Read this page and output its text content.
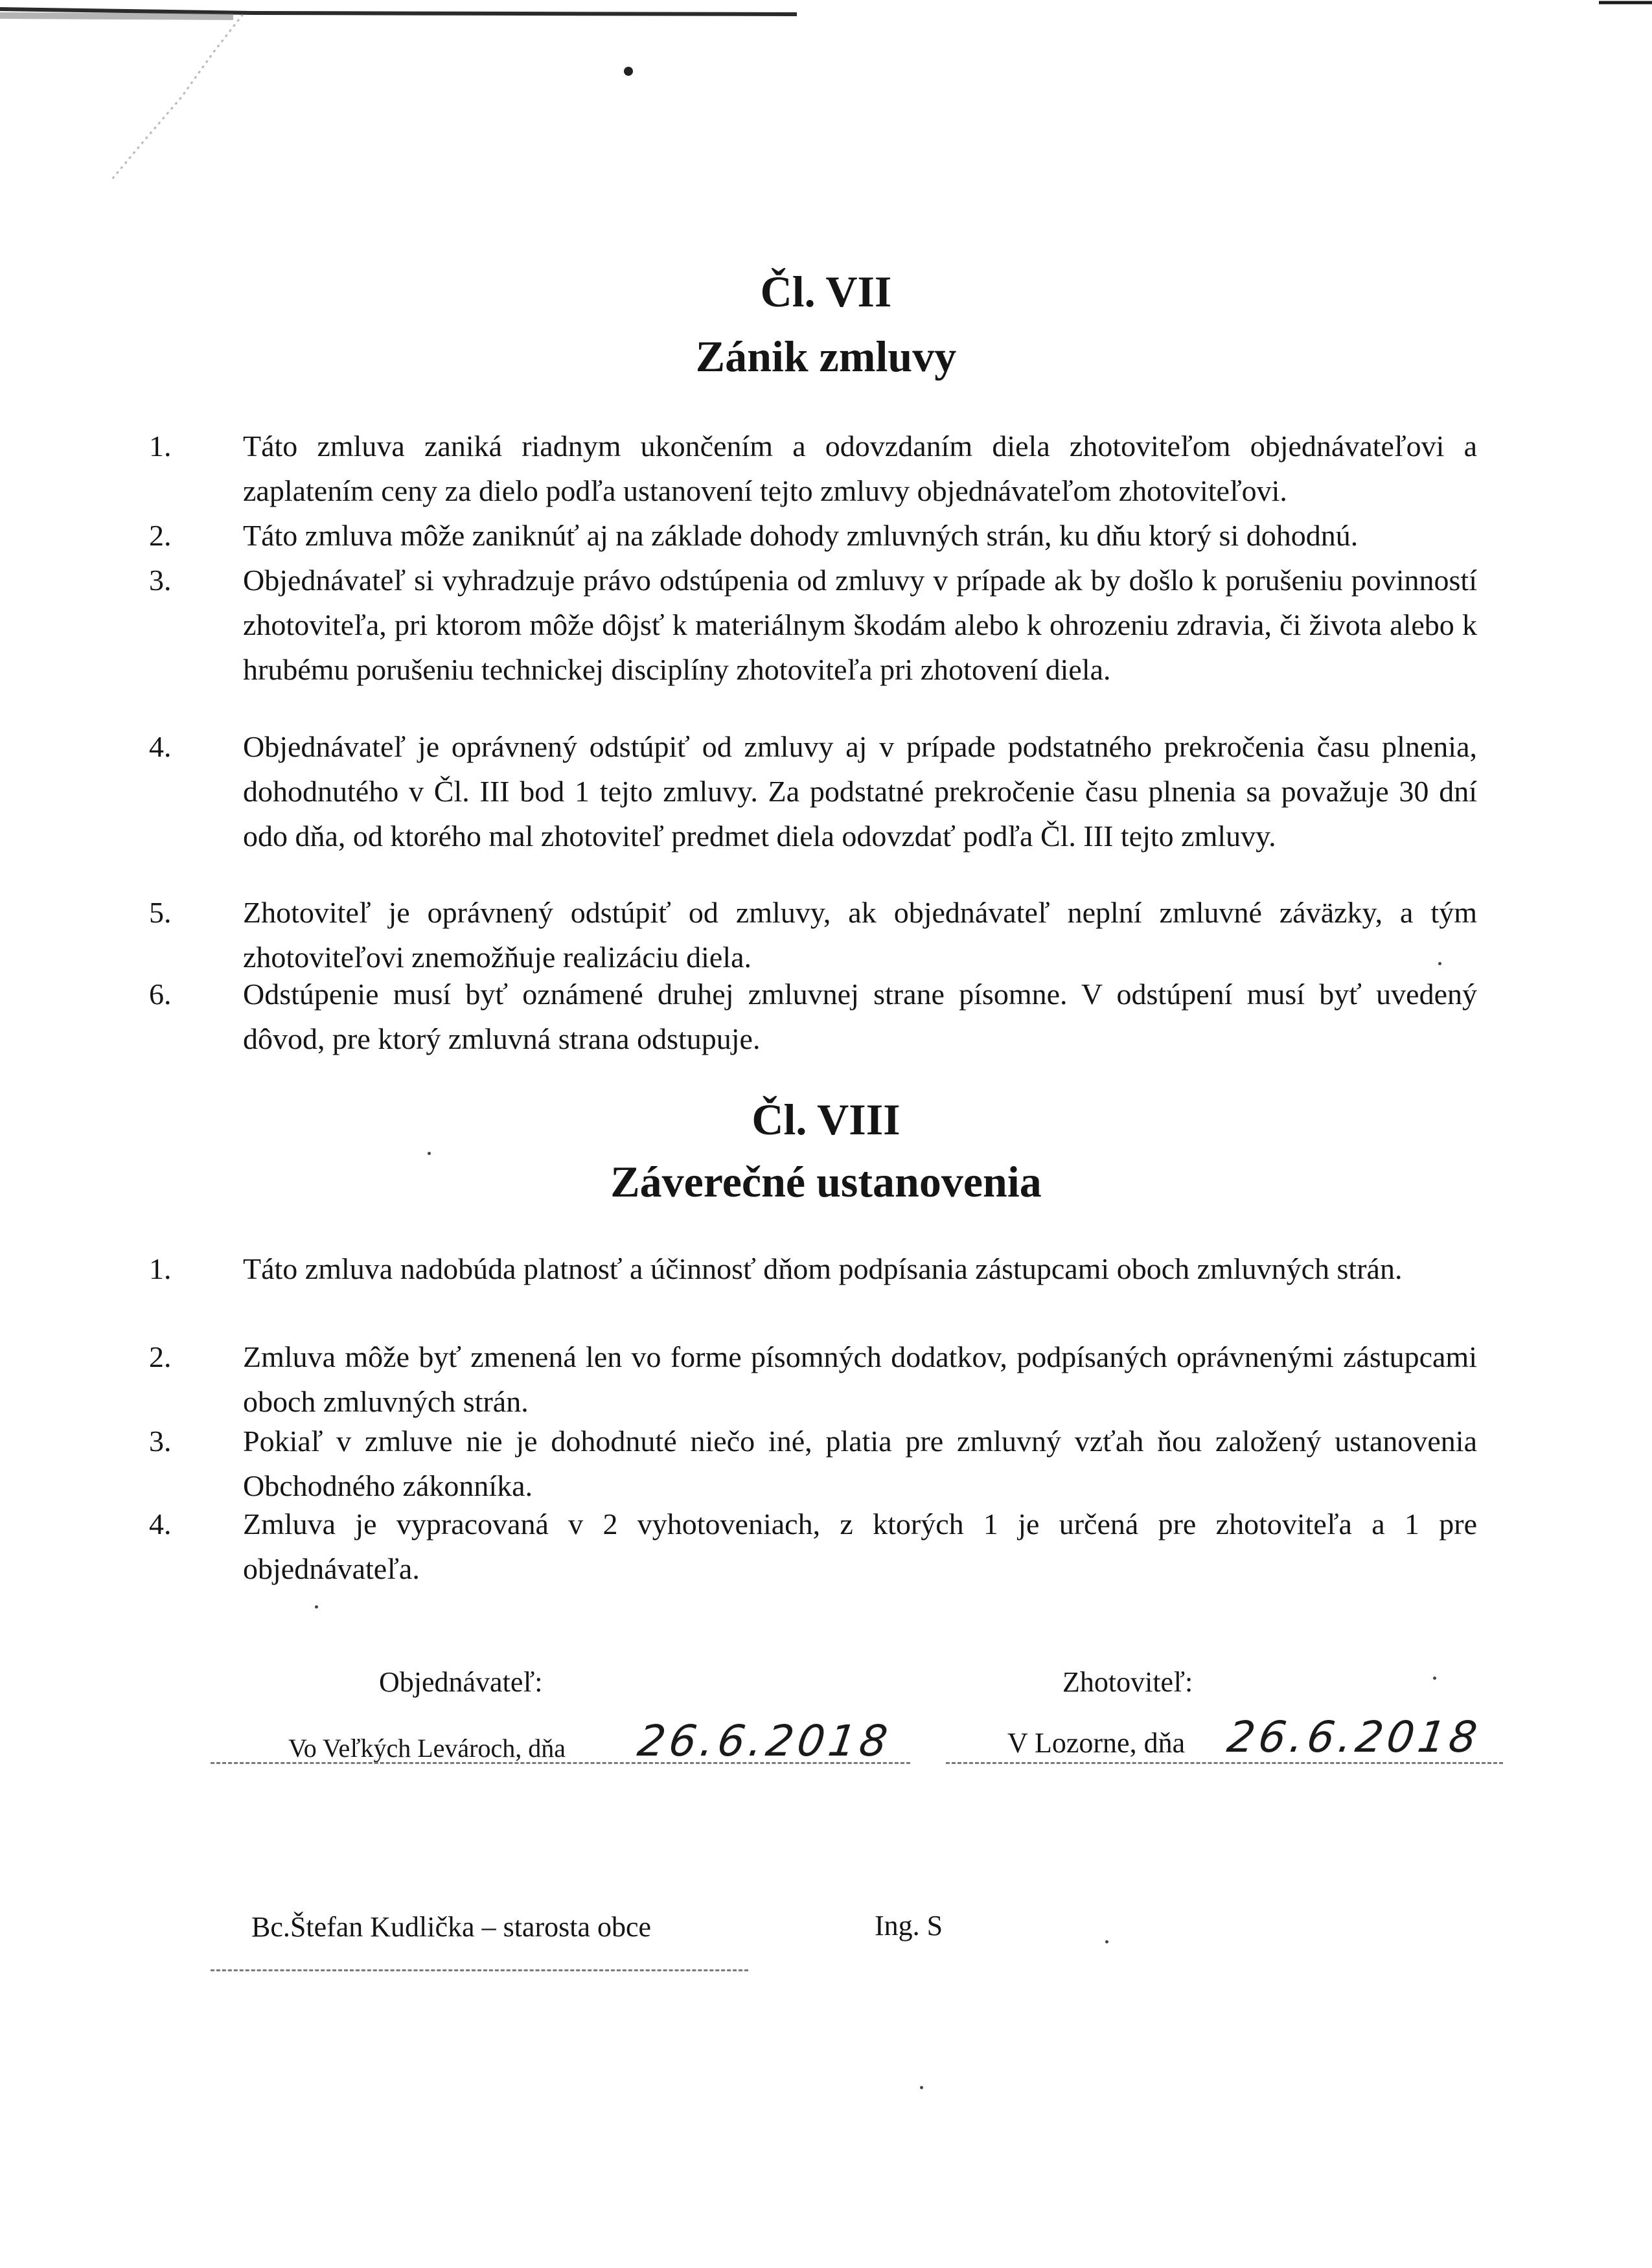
Čl. VII
Zánik zmluvy
1.	Táto zmluva zaniká riadnym ukončením a odovzdaním diela zhotoviteľom objednávateľovi a zaplatením ceny za dielo podľa ustanovení tejto zmluvy objednávateľom zhotoviteľovi.
2.	Táto zmluva môže zaniknúť aj na základe dohody zmluvných strán, ku dňu ktorý si dohodnú.
3.	Objednávateľ si vyhradzuje právo odstúpenia od zmluvy v prípade ak by došlo k porušeniu povinností zhotoviteľa, pri ktorom môže dôjsť k materiálnym škodám alebo k ohrozeniu zdravia, či života alebo k hrubému porušeniu technickej disciplíny zhotoviteľa pri zhotovení diela.
4.	Objednávateľ je oprávnený odstúpiť od zmluvy aj v prípade podstatného prekročenia času plnenia, dohodnutého v Čl. III bod 1 tejto zmluvy. Za podstatné prekročenie času plnenia sa považuje 30 dní odo dňa, od ktorého mal zhotoviteľ predmet diela odovzdať podľa Čl. III tejto zmluvy.
5.	Zhotoviteľ je oprávnený odstúpiť od zmluvy, ak objednávateľ neplní zmluvné záväzky, a tým zhotoviteľovi znemožňuje realizáciu diela.
6.	Odstúpenie musí byť oznámené druhej zmluvnej strane písomne. V odstúpení musí byť uvedený dôvod, pre ktorý zmluvná strana odstupuje.
Čl. VIII
Záverečné ustanovenia
1.	Táto zmluva nadobúda platnosť a účinnosť dňom podpísania zástupcami oboch zmluvných strán.
2.	Zmluva môže byť zmenená len vo forme písomných dodatkov, podpísaných oprávnenými zástupcami oboch zmluvných strán.
3.	Pokiaľ v zmluve nie je dohodnuté niečo iné, platia pre zmluvný vzťah ňou založený ustanovenia Obchodného zákonníka.
4.	Zmluva je vypracovaná v 2 vyhotoveniach, z ktorých 1 je určená pre zhotoviteľa a 1 pre objednávateľa.
Objednávateľ:	Zhotoviteľ:
Vo Veľkých Levároch, dňa 26.6.2018	V Lozorne, dňa 26.6.2018
Bc.Štefan Kudlička – starosta obce	Ing. S
